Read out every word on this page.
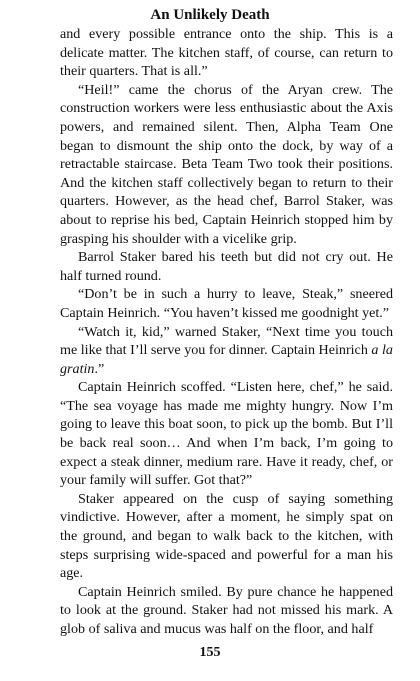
An Unlikely Death

and every possible entrance onto the ship. This is a delicate matter. The kitchen staff, of course, can return to their quarters. That is all.”

“Heil!” came the chorus of the Aryan crew. The construction workers were less enthusiastic about the Axis powers, and remained silent. Then, Alpha Team One began to dismount the ship onto the dock, by way of a retractable staircase. Beta Team Two took their positions. And the kitchen staff collectively began to return to their quarters. However, as the head chef, Barrol Staker, was about to reprise his bed, Captain Heinrich stopped him by grasping his shoulder with a vicelike grip.

Barrol Staker bared his teeth but did not cry out. He half turned round.

“Don’t be in such a hurry to leave, Steak,” sneered Captain Heinrich. “You haven’t kissed me goodnight yet.”

“Watch it, kid,” warned Staker, “Next time you touch me like that I’ll serve you for dinner. Captain Heinrich a la gratin.”

Captain Heinrich scoffed. “Listen here, chef,” he said. “The sea voyage has made me mighty hungry. Now I’m going to leave this boat soon, to pick up the bomb. But I’ll be back real soon… And when I’m back, I’m going to expect a steak dinner, medium rare. Have it ready, chef, or your family will suffer. Got that?”

Staker appeared on the cusp of saying something vindictive. However, after a moment, he simply spat on the ground, and began to walk back to the kitchen, with steps surprising wide-spaced and powerful for a man his age.

Captain Heinrich smiled. By pure chance he happened to look at the ground. Staker had not missed his mark. A glob of saliva and mucus was half on the floor, and half

155
